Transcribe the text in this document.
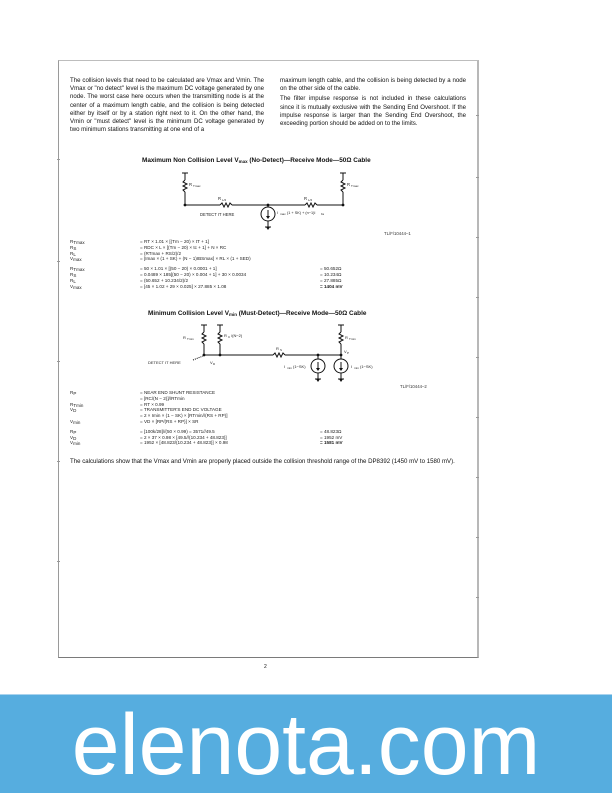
The collision levels that need to be calculated are Vmax and Vmin. The Vmax or "no detect" level is the maximum DC voltage generated by one node. The worst case here occurs when the transmitting node is at the center of a maximum length cable, and the collision is being detected either by itself or by a station right next to it. On the other hand, the Vmin or "must detect" level is the minimum DC voltage generated by two minimum stations transmitting at one end of a

maximum length cable, and the collision is being detected by a node on the other side of the cable.

The filter impulse response is not included in these calculations since it is mutually exclusive with the Sending End Overshoot. If the impulse response is larger than the Sending End Overshoot, the exceeding portion should be added on to the limits.

Maximum Non Collision Level $V_{max}$ (No-Detect)—Receive Mode—50Ω Cable
R Tmax
R L/2	R L/2
R Tmax
DETECT IT HERE	I max (1 + SK) + (n−1)I bs
TL/F/10444–1
$R_{Tmax}$	= RT × 1.01 × [(Tm − 20) × tT + 1]
$R_S$	= RDC × L × [(Tm − 20) × tc + 1] + N × RC
$R_L$	= (RTmax + RS/2)/2
$V_{max}$	= [Imax × (1 + SK) + (N − 1)IBSmax] × RL × (1 + SED)
$R_{Tmax}$	= 50 × 1.01 × [(50 − 20) × 0.0001 + 1]	= 50.652Ω
$R_S$	= 0.0489 × 185[(50 − 20) × 0.004 + 1] + 30 × 0.0034	= 10.234Ω
$R_L$	= (50.652 + 10.234/2)/2	= 27.885Ω
$V_{max}$	= [45 × 1.02 + 29 × 0.025] × 27.885 × 1.08	= 1404 mV
Minimum Collision Level $V_{min}$ (Must-Detect)—Receive Mode—50Ω Cable
R Tmin
R C /(N−2)
R S
R Tmin
V P
V D
DETECT IT HERE
I min (1−SK)	I min (1−SK)
TL/F/10444–2
$R_P$	= NEAR END SHUNT RESISTANCE
= [RC/(N − 2)]//RTmin
$R_{Tmin}$	= RT × 0.99
$V_D$	= TRANSMITTER'S END DC VOLTAGE
= 2 × Imin × (1 − SK) × [RTmin//(RS + RP)]
$V_{min}$	= VD × [RP/(RS + RP)] × SR
$R_P$	= [100k/28]//(50 × 0.99) = 3571//49.5	= 48.823Ω
$V_D$	= 2 × 37 × 0.98 × [49.5//(10.234 + 48.823)]	= 1952 mV
$V_{min}$	= 1952 × [48.823/(10.234 + 48.823)] × 0.98	= 1581 mV
The calculations show that the Vmax and Vmin are properly placed outside the collision threshold range of the DP8392 (1450 mV to 1580 mV).
2
elenota.com
